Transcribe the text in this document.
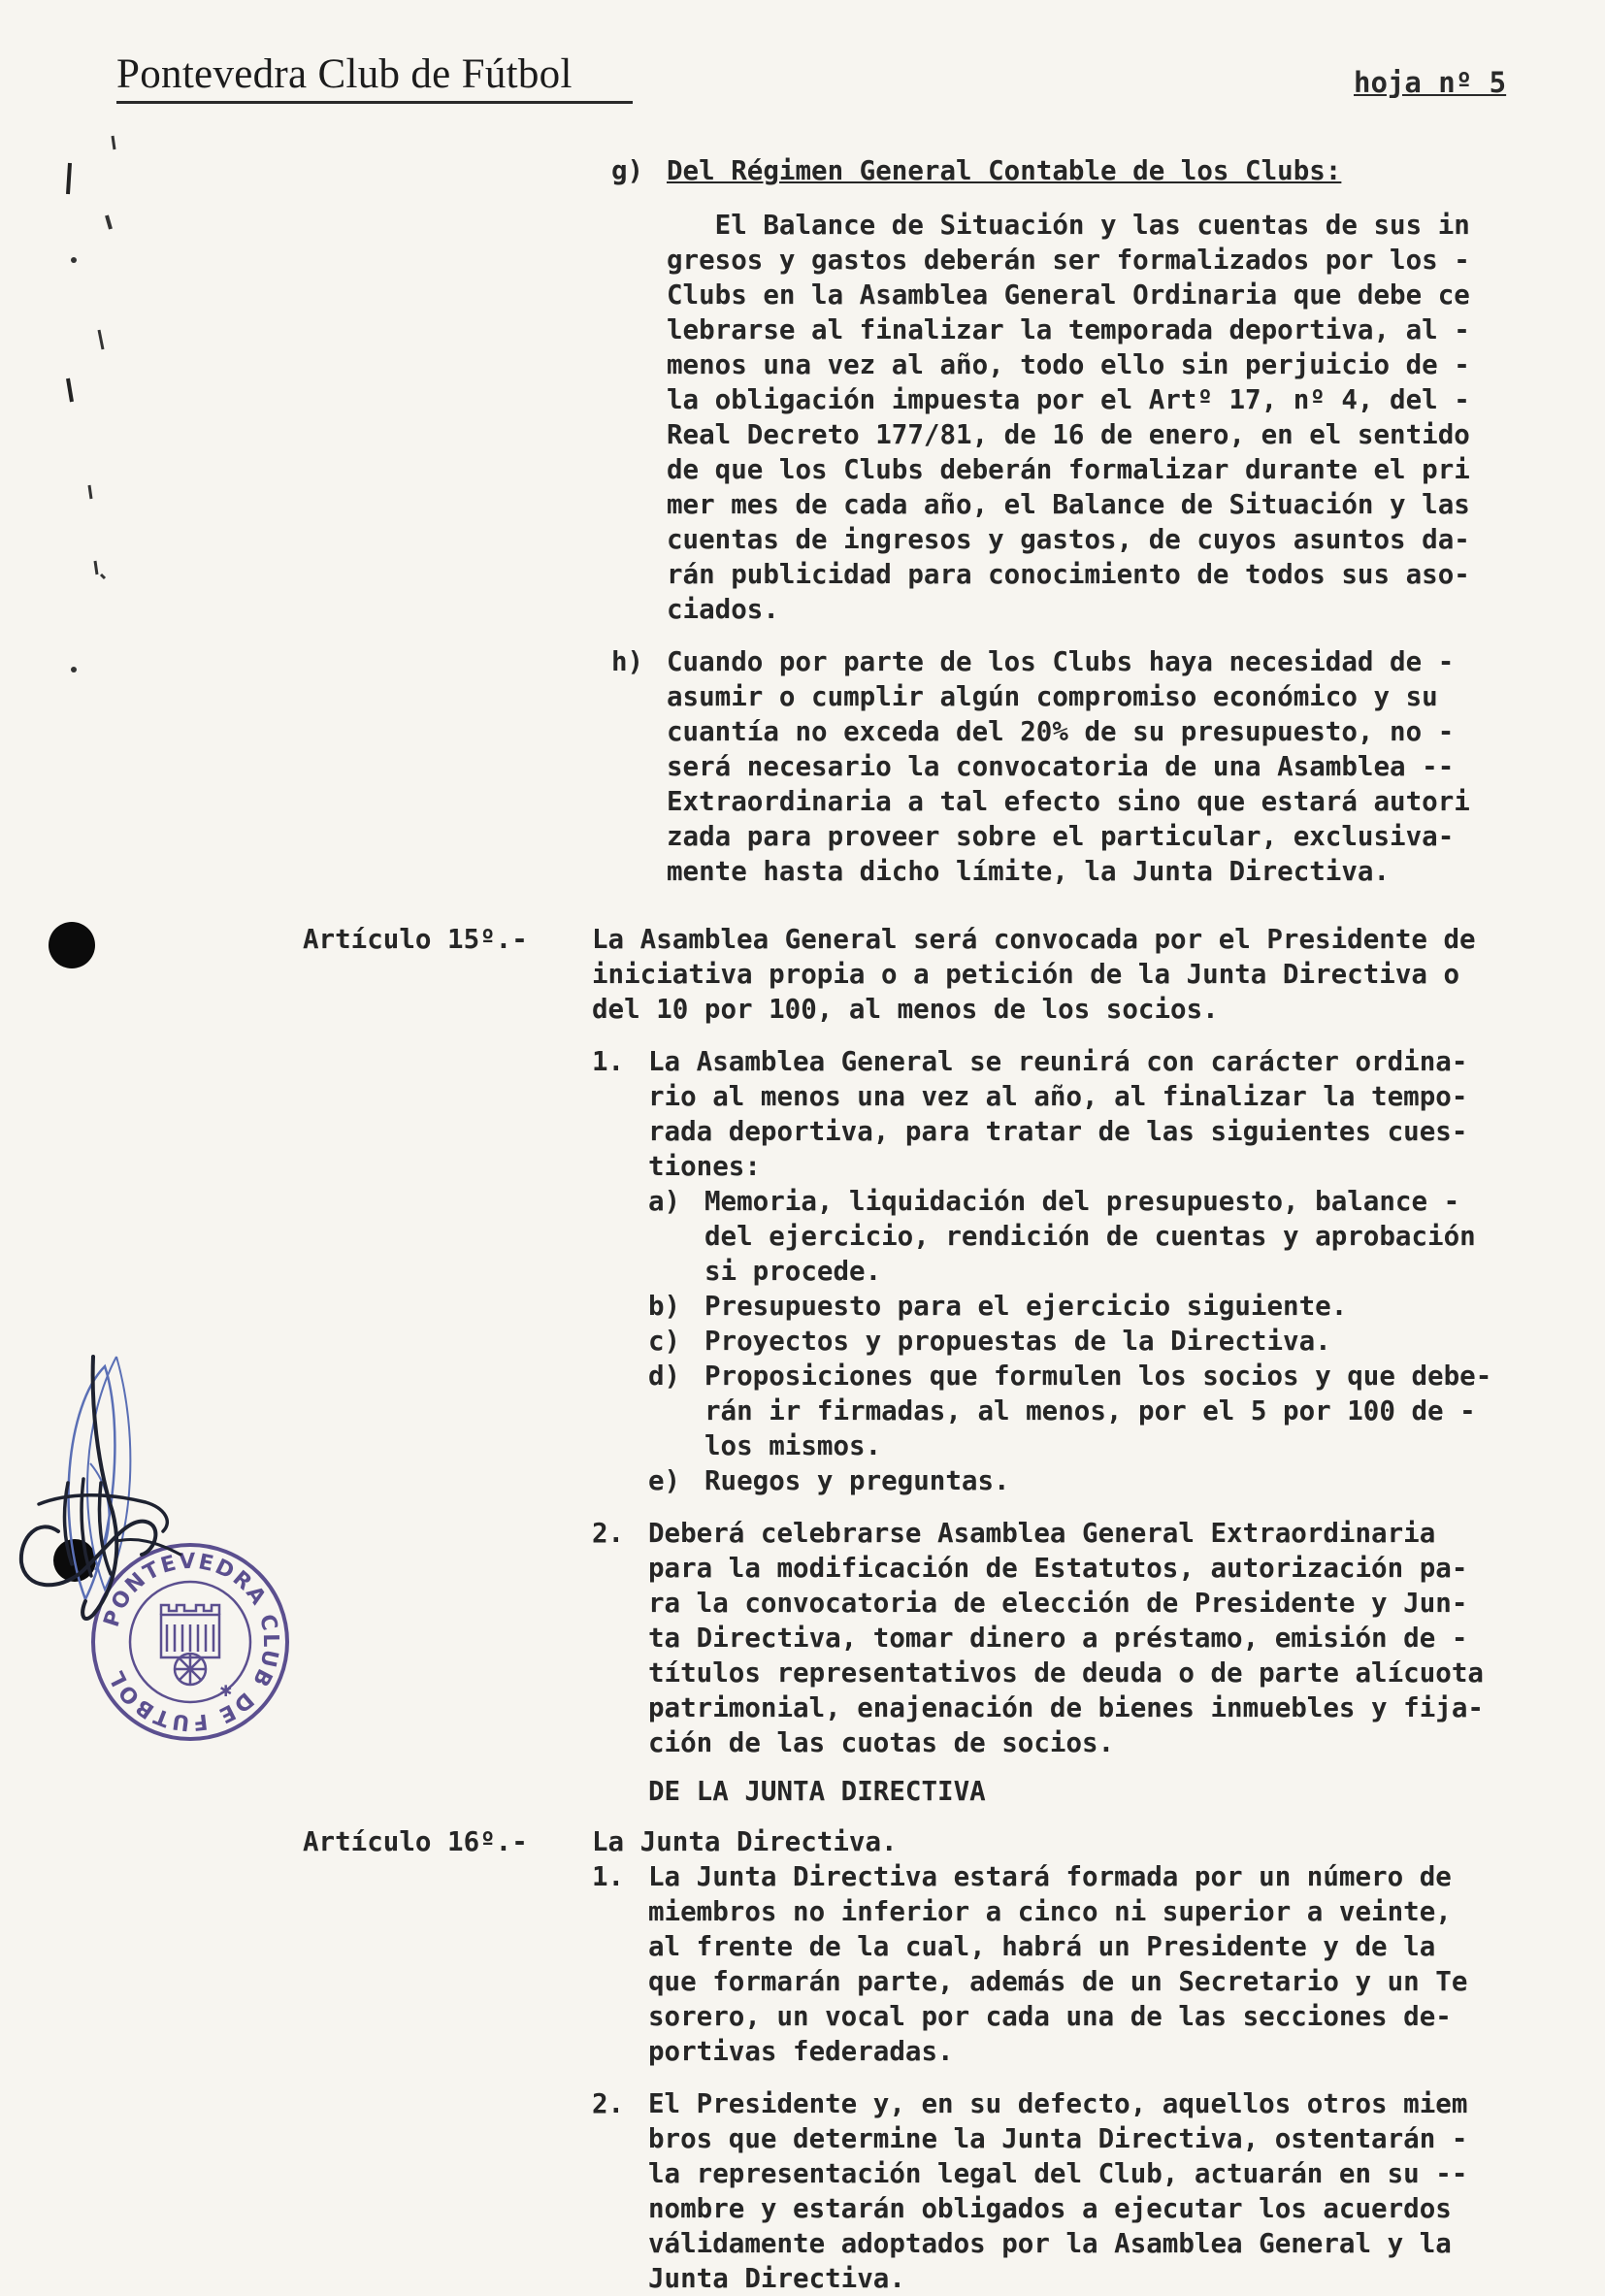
Pontevedra Club de Fútbol	hoja nº 5
g) Del Régimen General Contable de los Clubs:
El Balance de Situación y las cuentas de sus in
gresos y gastos deberán ser formalizados por los -
Clubs en la Asamblea General Ordinaria que debe ce
lebrarse al finalizar la temporada deportiva, al -
menos una vez al año, todo ello sin perjuicio de -
la obligación impuesta por el Artº 17, nº 4, del -
Real Decreto 177/81, de 16 de enero, en el sentido
de que los Clubs deberán formalizar durante el pri
mer mes de cada año, el Balance de Situación y las
cuentas de ingresos y gastos, de cuyos asuntos da-
rán publicidad para conocimiento de todos sus aso-
ciados.
h) Cuando por parte de los Clubs haya necesidad de -
asumir o cumplir algún compromiso económico y su
cuantía no exceda del 20% de su presupuesto, no -
será necesario la convocatoria de una Asamblea --
Extraordinaria a tal efecto sino que estará autori
zada para proveer sobre el particular, exclusiva-
mente hasta dicho límite, la Junta Directiva.
Artículo 15º.- La Asamblea General será convocada por el Presidente de
iniciativa propia o a petición de la Junta Directiva o
del 10 por 100, al menos de los socios.
1. La Asamblea General se reunirá con carácter ordina-
rio al menos una vez al año, al finalizar la tempo-
rada deportiva, para tratar de las siguientes cues-
tiones:
a) Memoria, liquidación del presupuesto, balance -
del ejercicio, rendición de cuentas y aprobación
si procede.
b) Presupuesto para el ejercicio siguiente.
c) Proyectos y propuestas de la Directiva.
d) Proposiciones que formulen los socios y que debe-
rán ir firmadas, al menos, por el 5 por 100 de -
los mismos.
e) Ruegos y preguntas.
2. Deberá celebrarse Asamblea General Extraordinaria
para la modificación de Estatutos, autorización pa-
ra la convocatoria de elección de Presidente y Jun-
ta Directiva, tomar dinero a préstamo, emisión de -
títulos representativos de deuda o de parte alícuota
patrimonial, enajenación de bienes inmuebles y fija-
ción de las cuotas de socios.
DE LA JUNTA DIRECTIVA
Artículo 16º.- La Junta Directiva.
1. La Junta Directiva estará formada por un número de
miembros no inferior a cinco ni superior a veinte,
al frente de la cual, habrá un Presidente y de la
que formarán parte, además de un Secretario y un Te
sorero, un vocal por cada una de las secciones de-
portivas federadas.
2. El Presidente y, en su defecto, aquellos otros miem
bros que determine la Junta Directiva, ostentarán -
la representación legal del Club, actuarán en su --
nombre y estarán obligados a ejecutar los acuerdos
válidamente adoptados por la Asamblea General y la
Junta Directiva.
PONTEVEDRA CLUB DE FUTBOL
✱
